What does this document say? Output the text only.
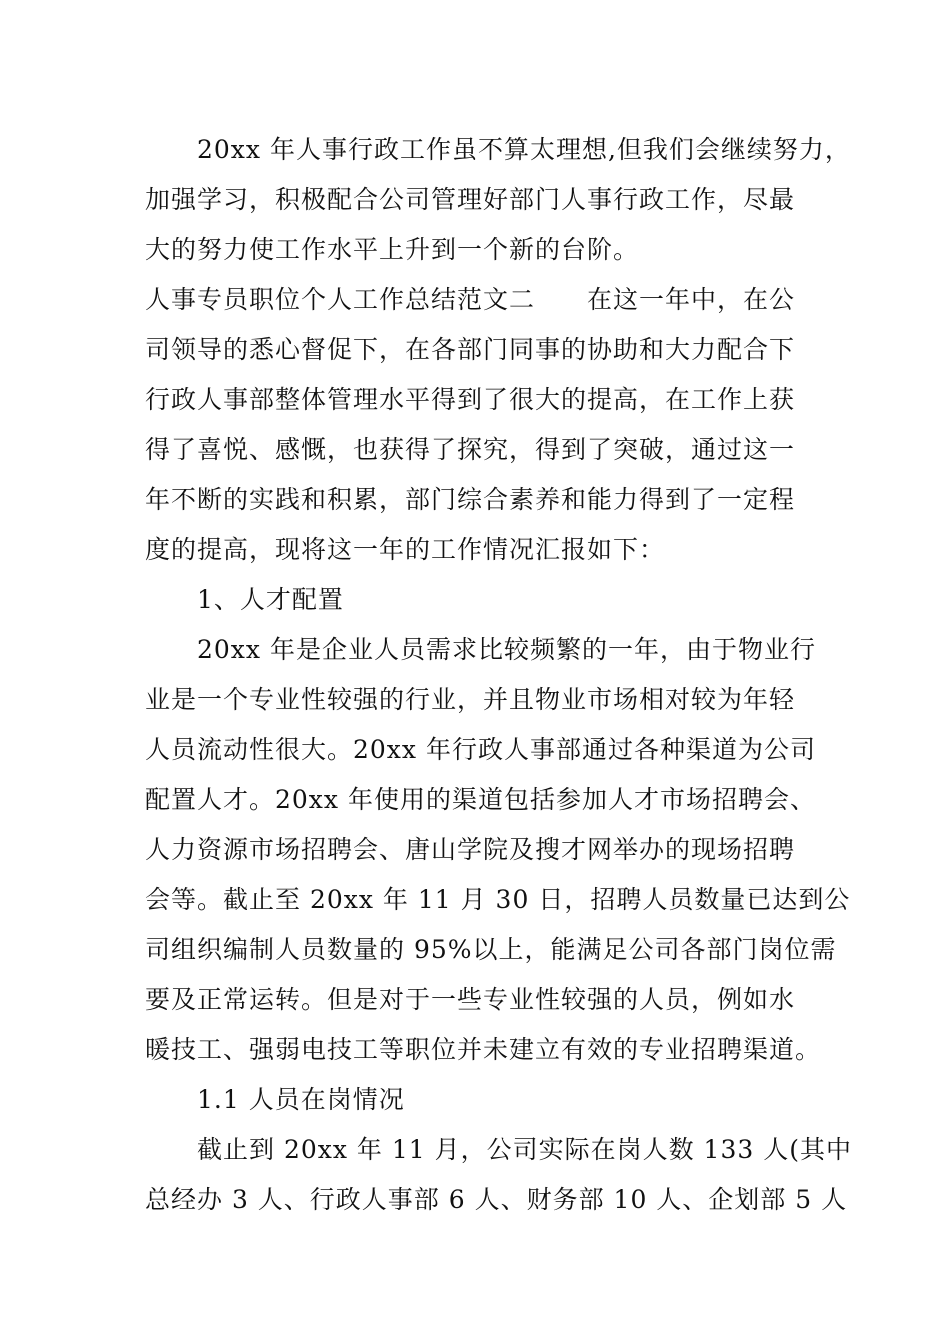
20xx 年人事行政工作虽不算太理想,但我们会继续努力，
加强学习，积极配合公司管理好部门人事行政工作，尽最
大的努力使工作水平上升到一个新的台阶。
人事专员职位个人工作总结范文二　　在这一年中，在公
司领导的悉心督促下，在各部门同事的协助和大力配合下
行政人事部整体管理水平得到了很大的提高，在工作上获
得了喜悦、感慨，也获得了探究，得到了突破，通过这一
年不断的实践和积累，部门综合素养和能力得到了一定程
度的提高，现将这一年的工作情况汇报如下：
1、人才配置
20xx 年是企业人员需求比较频繁的一年，由于物业行
业是一个专业性较强的行业，并且物业市场相对较为年轻
人员流动性很大。20xx 年行政人事部通过各种渠道为公司
配置人才。20xx 年使用的渠道包括参加人才市场招聘会、
人力资源市场招聘会、唐山学院及搜才网举办的现场招聘
会等。截止至 20xx 年 11 月 30 日，招聘人员数量已达到公
司组织编制人员数量的 95%以上，能满足公司各部门岗位需
要及正常运转。但是对于一些专业性较强的人员，例如水
暖技工、强弱电技工等职位并未建立有效的专业招聘渠道。
1.1 人员在岗情况
截止到 20xx 年 11 月，公司实际在岗人数 133 人(其中
总经办 3 人、行政人事部 6 人、财务部 10 人、企划部 5 人
